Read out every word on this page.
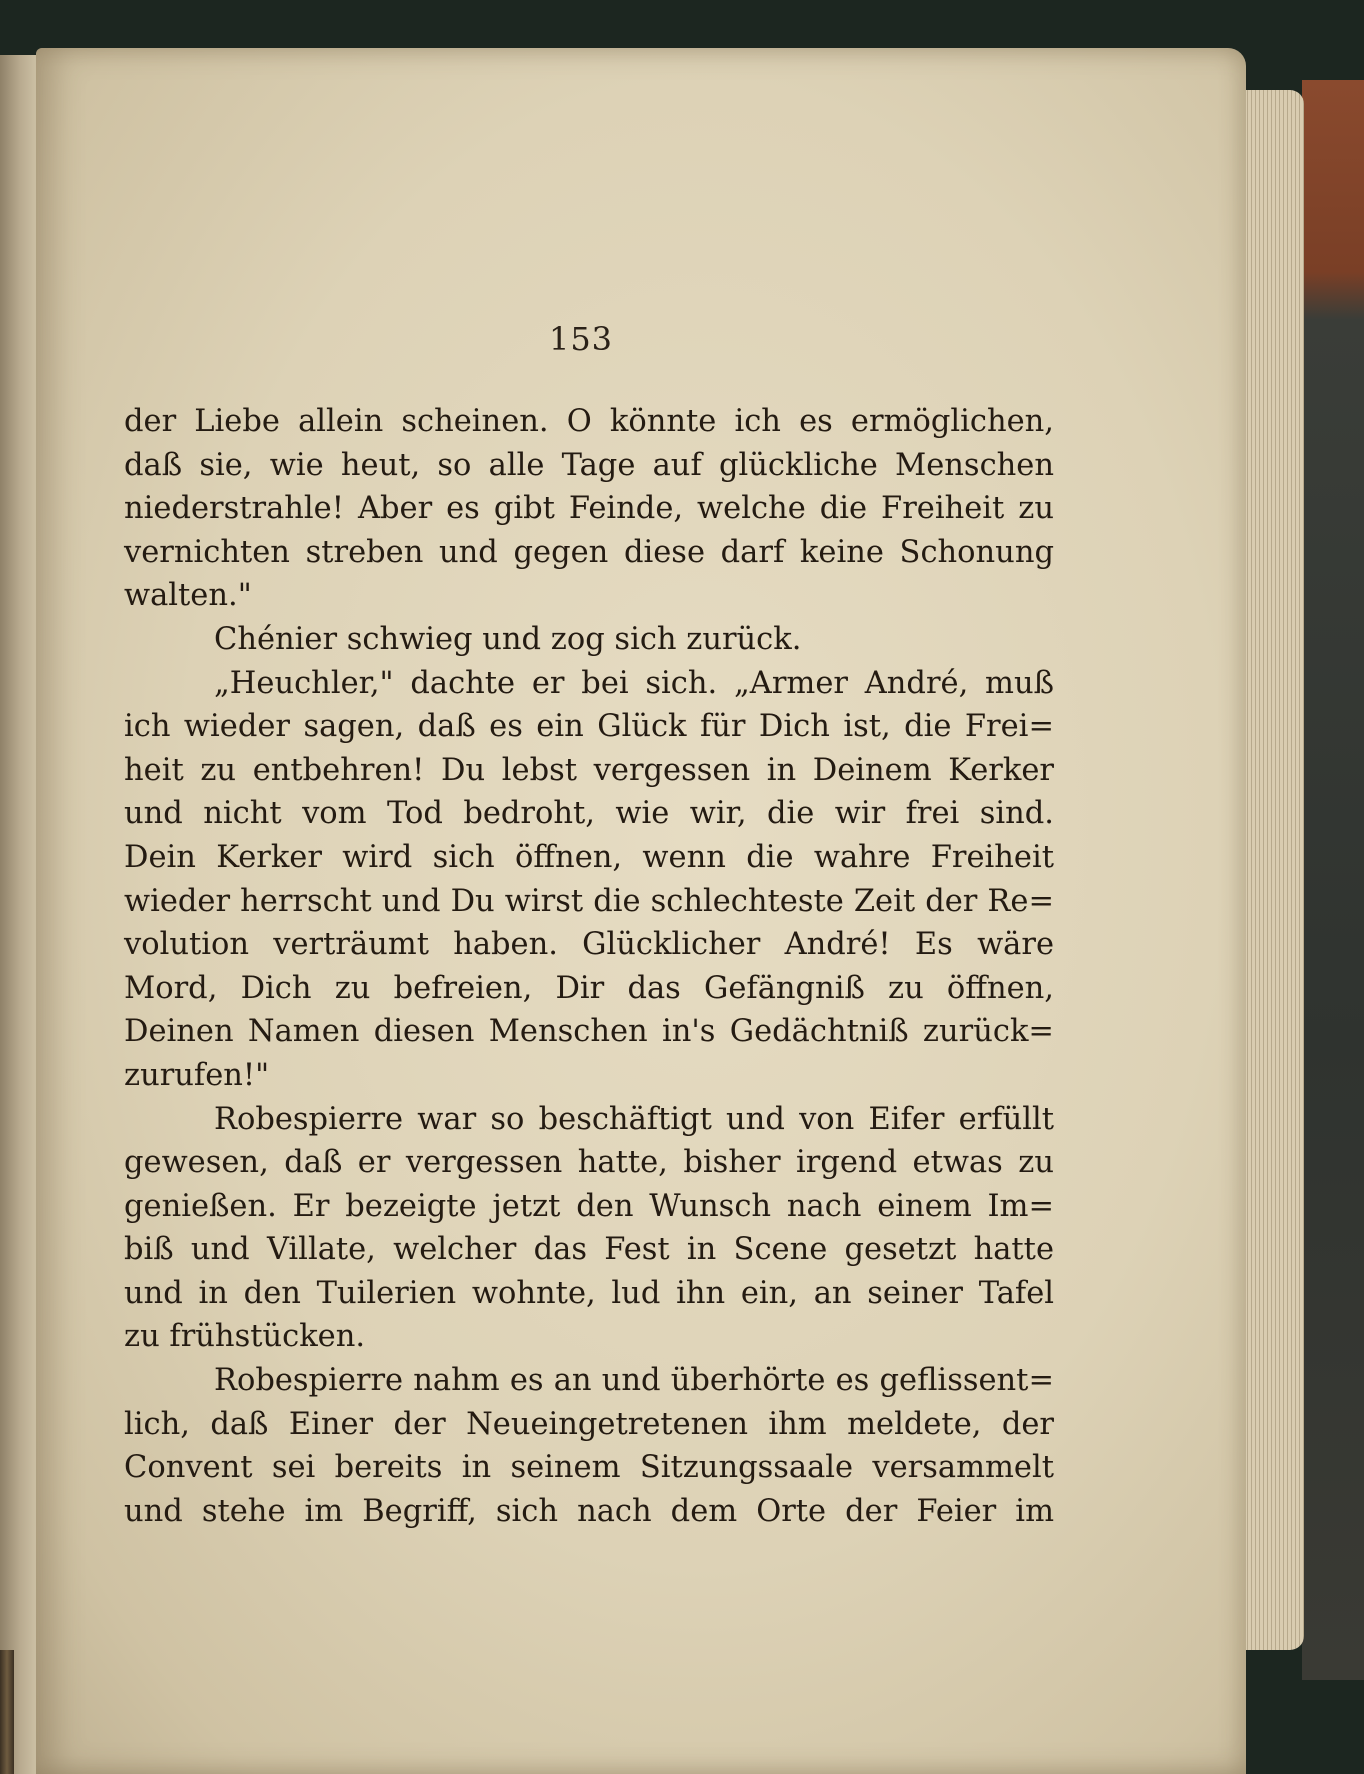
153
der Liebe allein scheinen. O könnte ich es ermöglichen,
daß sie, wie heut, so alle Tage auf glückliche Menschen
niederstrahle! Aber es gibt Feinde, welche die Freiheit zu
vernichten streben und gegen diese darf keine Schonung
walten."
Chénier schwieg und zog sich zurück.
„Heuchler," dachte er bei sich. „Armer André, muß
ich wieder sagen, daß es ein Glück für Dich ist, die Frei=
heit zu entbehren! Du lebst vergessen in Deinem Kerker
und nicht vom Tod bedroht, wie wir, die wir frei sind.
Dein Kerker wird sich öffnen, wenn die wahre Freiheit
wieder herrscht und Du wirst die schlechteste Zeit der Re=
volution verträumt haben. Glücklicher André! Es wäre
Mord, Dich zu befreien, Dir das Gefängniß zu öffnen,
Deinen Namen diesen Menschen in's Gedächtniß zurück=
zurufen!"
Robespierre war so beschäftigt und von Eifer erfüllt
gewesen, daß er vergessen hatte, bisher irgend etwas zu
genießen. Er bezeigte jetzt den Wunsch nach einem Im=
biß und Villate, welcher das Fest in Scene gesetzt hatte
und in den Tuilerien wohnte, lud ihn ein, an seiner Tafel
zu frühstücken.
Robespierre nahm es an und überhörte es geflissent=
lich, daß Einer der Neueingetretenen ihm meldete, der
Convent sei bereits in seinem Sitzungssaale versammelt
und stehe im Begriff, sich nach dem Orte der Feier im
